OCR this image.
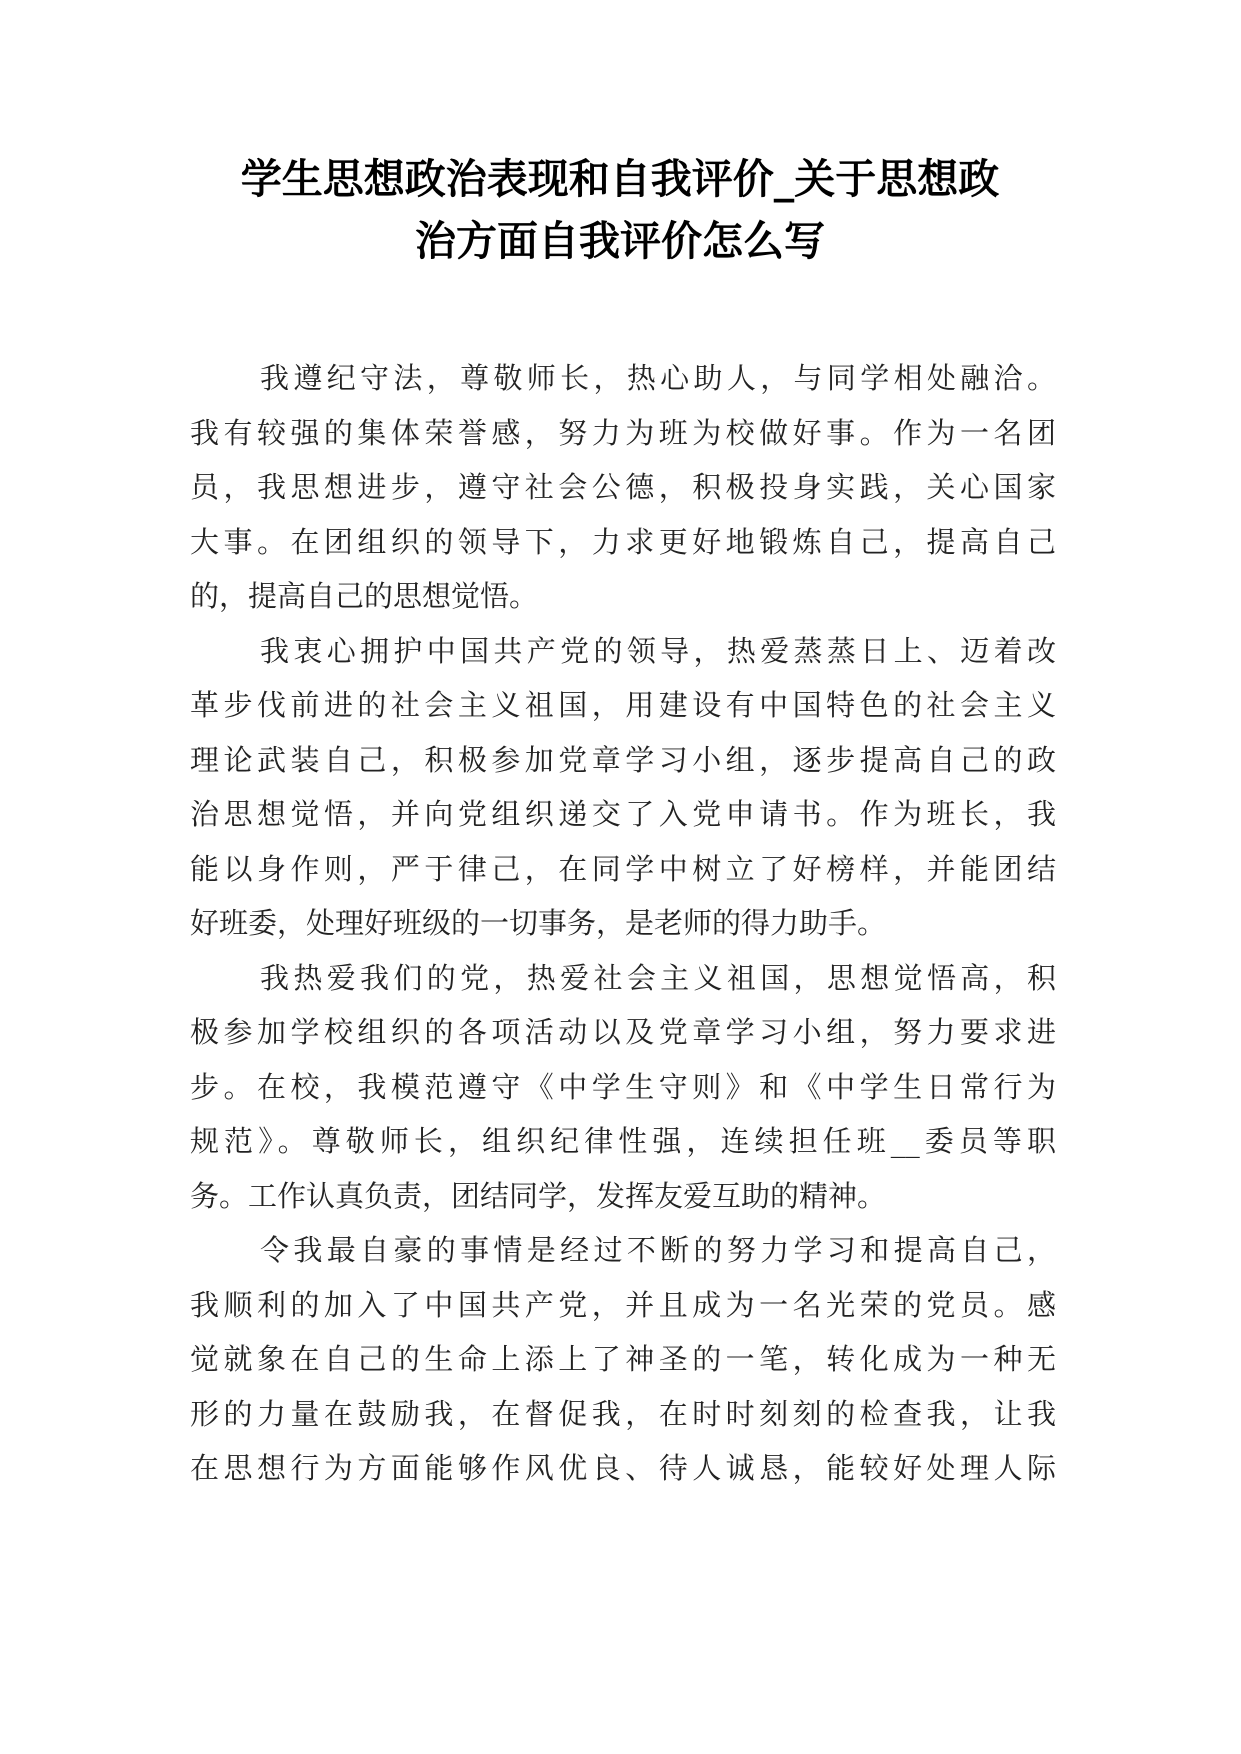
学生思想政治表现和自我评价_关于思想政
治方面自我评价怎么写
我遵纪守法，尊敬师长，热心助人，与同学相处融洽。
我有较强的集体荣誉感，努力为班为校做好事。作为一名团
员，我思想进步，遵守社会公德，积极投身实践，关心国家
大事。在团组织的领导下，力求更好地锻炼自己，提高自己
的，提高自己的思想觉悟。
我衷心拥护中国共产党的领导，热爱蒸蒸日上、迈着改
革步伐前进的社会主义祖国，用建设有中国特色的社会主义
理论武装自己，积极参加党章学习小组，逐步提高自己的政
治思想觉悟，并向党组织递交了入党申请书。作为班长，我
能以身作则，严于律己，在同学中树立了好榜样，并能团结
好班委，处理好班级的一切事务，是老师的得力助手。
我热爱我们的党，热爱社会主义祖国，思想觉悟高，积
极参加学校组织的各项活动以及党章学习小组，努力要求进
步。在校，我模范遵守《中学生守则》和《中学生日常行为
规范》。尊敬师长，组织纪律性强，连续担任班__委员等职
务。工作认真负责，团结同学，发挥友爱互助的精神。
令我最自豪的事情是经过不断的努力学习和提高自己，
我顺利的加入了中国共产党，并且成为一名光荣的党员。感
觉就象在自己的生命上添上了神圣的一笔，转化成为一种无
形的力量在鼓励我，在督促我，在时时刻刻的检查我，让我
在思想行为方面能够作风优良、待人诚恳，能较好处理人际
